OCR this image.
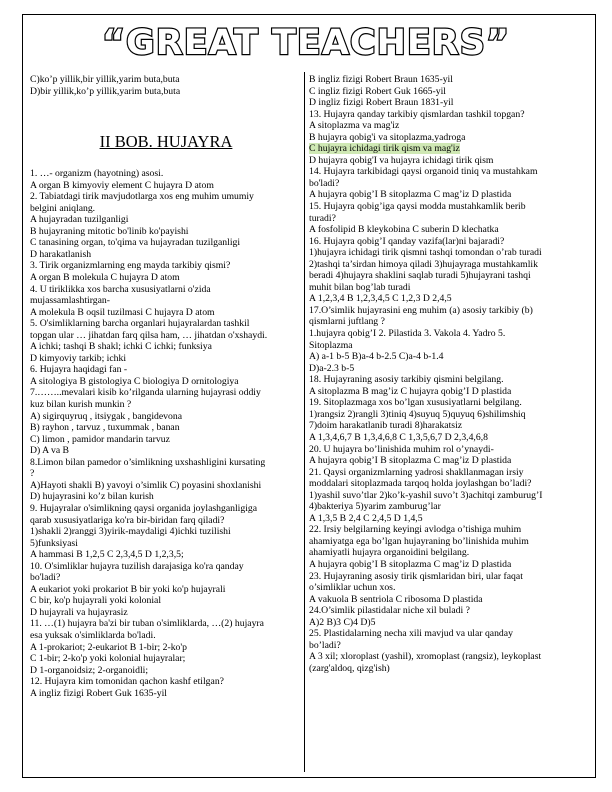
“GREAT TEACHERS”
C)ko’p yillik,bir yillik,yarim buta,buta
D)bir yillik,ko’p yillik,yarim buta,buta
II BOB. HUJAYRA
1. …- organizm (hayotning) asosi.
A organ B kimyoviy element C hujayra D atom
2. Tabiatdagi tirik mavjudotlarga xos eng muhim umumiy
belgini aniqlang.
A hujayradan tuzilganligi
B hujayraning mitotic bo'linib ko'payishi
C tanasining organ, to'qima va hujayradan tuzilganligi
D harakatlanish
3. Tirik organizmlarning eng mayda tarkibiy qismi?
A organ B molekula C hujayra D atom
4. U tiriklikka xos barcha xususiyatlarni o'zida
mujassamlashtirgan-
A molekula B oqsil tuzilmasi C hujayra D atom
5. O'simliklarning barcha organlari hujayralardan tashkil
topgan ular … jihatdan farq qilsa ham, … jihatdan o'xshaydi.
A ichki; tashqi B shakl; ichki C ichki; funksiya
D kimyoviy tarkib; ichki
6. Hujayra haqidagi fan -
A sitologiya B gistologiya C biologiya D ornitologiya
7.……..mevalari kisib ko’rilganda ularning hujayrasi oddiy
kuz bilan kurish munkin ?
A) sigirquyruq , itsiygak , bangidevona
B) rayhon , tarvuz , tuxummak , banan
C) limon , pamidor mandarin tarvuz
D) A va B
8.Limon bilan pamedor o’simlikning uxshashligini kursating
?
A)Hayoti shakli B) yavoyi o’simlik C) poyasini shoxlanishi
D) hujayrasini ko’z bilan kurish
9. Hujayralar o'simlikning qaysi organida joylashganligiga
qarab xususiyatlariga ko'ra bir-biridan farq qiladi?
1)shakli 2)ranggi 3)yirik-maydaligi 4)ichki tuzilishi
5)funksiyasi
A hammasi B 1,2,5 C 2,3,4,5 D 1,2,3,5;
10. O'simliklar hujayra tuzilish darajasiga ko'ra qanday
bo'ladi?
A eukariot yoki prokariot B bir yoki ko'p hujayrali
C bir, ko'p hujayrali yoki kolonial
D hujayrali va hujayrasiz
11. …(1) hujayra ba'zi bir tuban o'simliklarda, …(2) hujayra
esa yuksak o'simliklarda bo'ladi.
A 1-prokariot; 2-eukariot B 1-bir; 2-ko'p
C 1-bir; 2-ko'p yoki kolonial hujayralar;
D 1-organoidsiz; 2-organoidli;
12. Hujayra kim tomonidan qachon kashf etilgan?
A ingliz fizigi Robert Guk 1635-yil
B ingliz fizigi Robert Braun 1635-yil
C ingliz fizigi Robert Guk 1665-yil
D ingliz fizigi Robert Braun 1831-yil
13. Hujayra qanday tarkibiy qismlardan tashkil topgan?
A sitoplazma va mag'iz
B hujayra qobig'i va sitoplazma,yadroga
C hujayra ichidagi tirik qism va mag'iz
D hujayra qobig'I va hujayra ichidagi tirik qism
14. Hujayra tarkibidagi qaysi organoid tiniq va mustahkam
bo'ladi?
A hujayra qobig’I B sitoplazma C mag’iz D plastida
15. Hujayra qobig’iga qaysi modda mustahkamlik berib
turadi?
A fosfolipid B kleykobina C suberin D klechatka
16. Hujayra qobig’I qanday vazifa(lar)ni bajaradi?
1)hujayra ichidagi tirik qismni tashqi tomondan o’rab turadi
2)tashqi ta’sirdan himoya qiladi 3)hujayraga mustahkamlik
beradi 4)hujayra shaklini saqlab turadi 5)hujayrani tashqi
muhit bilan bog’lab turadi
A 1,2,3,4 B 1,2,3,4,5 C 1,2,3 D 2,4,5
17.O’simlik hujayrasini eng muhim (a) asosiy tarkibiy (b)
qismlarni juftlang ?
1.hujayra qobig’I 2. Pilastida 3. Vakola 4. Yadro 5.
Sitoplazma
A) a-1 b-5 B)a-4 b-2.5 C)a-4 b-1.4
D)a-2.3 b-5
18. Hujayraning asosiy tarkibiy qismini belgilang.
A sitoplazma B mag’iz C hujayra qobig’I D plastida
19. Sitoplazmaga xos bo’lgan xususiyatlarni belgilang.
1)rangsiz 2)rangli 3)tiniq 4)suyuq 5)quyuq 6)shilimshiq
7)doim harakatlanib turadi 8)harakatsiz
A 1,3,4,6,7 B 1,3,4,6,8 C 1,3,5,6,7 D 2,3,4,6,8
20. U hujayra bo’linishida muhim rol o’ynaydi-
A hujayra qobig’I B sitoplazma C mag’iz D plastida
21. Qaysi organizmlarning yadrosi shakllanmagan irsiy
moddalari sitoplazmada tarqoq holda joylashgan bo’ladi?
1)yashil suvo’tlar 2)ko’k-yashil suvo’t 3)achitqi zamburug’I
4)bakteriya 5)yarim zamburug’lar
A 1,3,5 B 2,4 C 2,4,5 D 1,4,5
22. Irsiy belgilarning keyingi avlodga o’tishiga muhim
ahamiyatga ega bo’lgan hujayraning bo’linishida muhim
ahamiyatli hujayra organoidini belgilang.
A hujayra qobig’I B sitoplazma C mag’iz D plastida
23. Hujayraning asosiy tirik qismlaridan biri, ular faqat
o’simliklar uchun xos.
A vakuola B sentriola C ribosoma D plastida
24.O’simlik pilastidalar niche xil buladi ?
A)2 B)3 C)4 D)5
25. Plastidalarning necha xili mavjud va ular qanday
bo’ladi?
A 3 xil; xloroplast (yashil), xromoplast (rangsiz), leykoplast
(zarg'aldoq, qizg'ish)
